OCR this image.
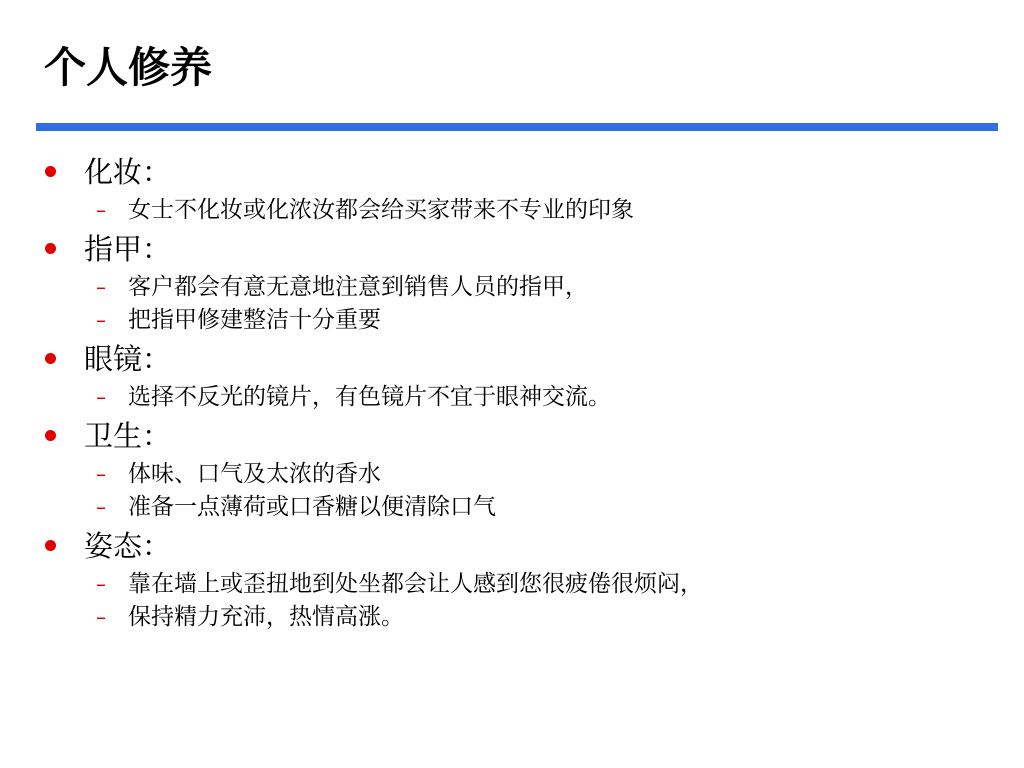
个人修养
化妆：
– 女士不化妆或化浓汝都会给买家带来不专业的印象
指甲：
– 客户都会有意无意地注意到销售人员的指甲，
– 把指甲修建整洁十分重要
眼镜：
– 选择不反光的镜片，有色镜片不宜于眼神交流。
卫生：
– 体味、口气及太浓的香水
– 准备一点薄荷或口香糖以便清除口气
姿态：
– 靠在墙上或歪扭地到处坐都会让人感到您很疲倦很烦闷，
– 保持精力充沛，热情高涨。
